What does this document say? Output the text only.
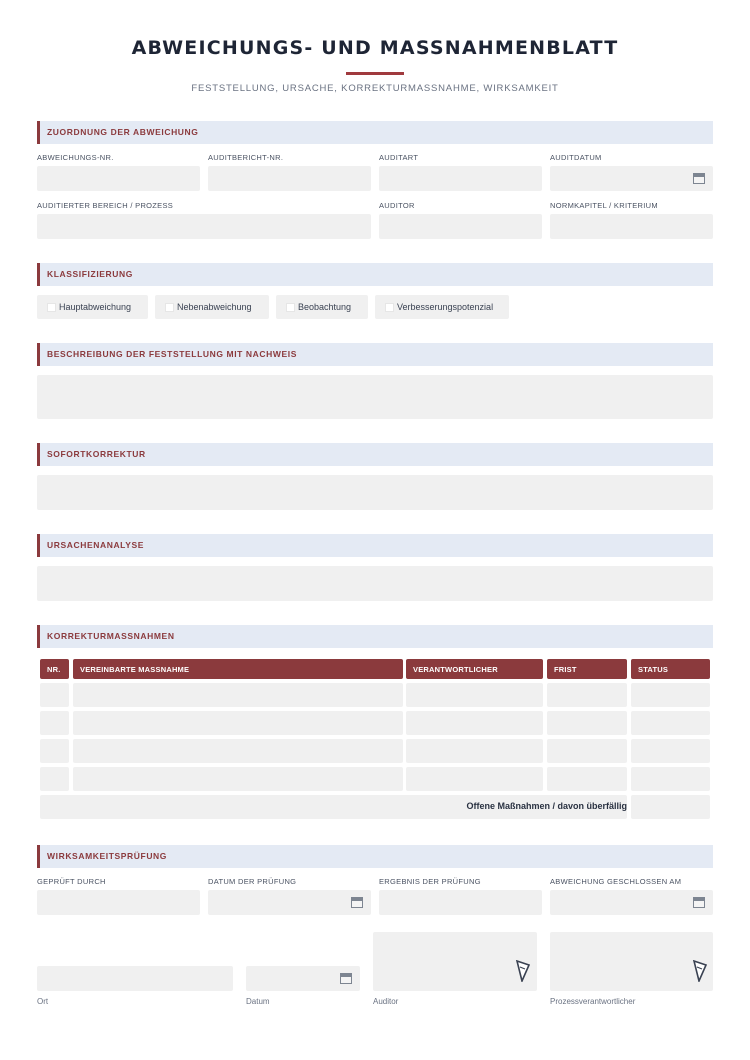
ABWEICHUNGS- UND MASSNAHMENBLATT
FESTSTELLUNG, URSACHE, KORREKTURMASSNAHME, WIRKSAMKEIT
ZUORDNUNG DER ABWEICHUNG
ABWEICHUNGS-NR.	AUDITBERICHT-NR.	AUDITART	AUDITDATUM
AUDITIERTER BEREICH / PROZESS	AUDITOR	NORMKAPITEL / KRITERIUM
KLASSIFIZIERUNG
Hauptabweichung	Nebenabweichung	Beobachtung	Verbesserungspotenzial
BESCHREIBUNG DER FESTSTELLUNG MIT NACHWEIS
SOFORTKORREKTUR
URSACHENANALYSE
KORREKTURMASSNAHMEN
NR.	VEREINBARTE MASSNAHME	VERANTWORTLICHER	FRIST	STATUS
Offene Maßnahmen / davon überfällig
WIRKSAMKEITSPRÜFUNG
GEPRÜFT DURCH	DATUM DER PRÜFUNG	ERGEBNIS DER PRÜFUNG	ABWEICHUNG GESCHLOSSEN AM
Ort	Datum	Auditor	Prozessverantwortlicher
